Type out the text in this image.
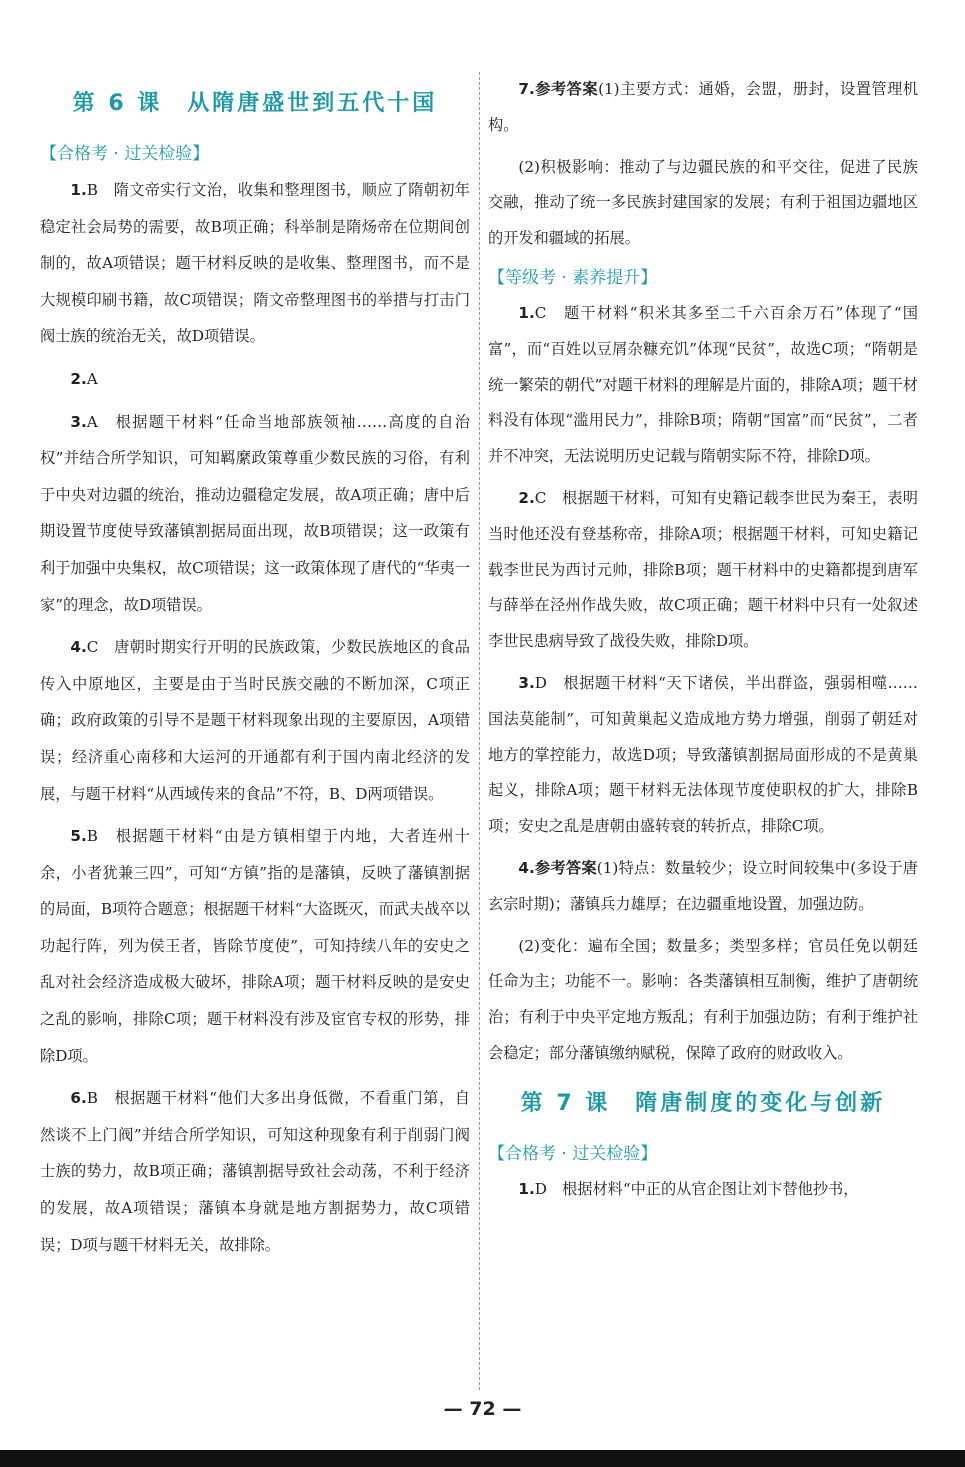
第 6 课　从隋唐盛世到五代十国
【合格考 · 过关检验】

1.B　隋文帝实行文治，收集和整理图书，顺应了隋朝初年稳定社会局势的需要，故B项正确；科举制是隋炀帝在位期间创制的，故A项错误；题干材料反映的是收集、整理图书，而不是大规模印刷书籍，故C项错误；隋文帝整理图书的举措与打击门阀士族的统治无关，故D项错误。

2.A

3.A　根据题干材料“任命当地部族领袖……高度的自治权”并结合所学知识，可知羁縻政策尊重少数民族的习俗，有利于中央对边疆的统治，推动边疆稳定发展，故A项正确；唐中后期设置节度使导致藩镇割据局面出现，故B项错误；这一政策有利于加强中央集权，故C项错误；这一政策体现了唐代的“华夷一家”的理念，故D项错误。

4.C　唐朝时期实行开明的民族政策，少数民族地区的食品传入中原地区，主要是由于当时民族交融的不断加深，C项正确；政府政策的引导不是题干材料现象出现的主要原因，A项错误；经济重心南移和大运河的开通都有利于国内南北经济的发展，与题干材料“从西域传来的食品”不符，B、D两项错误。

5.B　根据题干材料“由是方镇相望于内地，大者连州十余，小者犹兼三四”，可知“方镇”指的是藩镇，反映了藩镇割据的局面，B项符合题意；根据题干材料“大盗既灭，而武夫战卒以功起行阵，列为侯王者，皆除节度使”，可知持续八年的安史之乱对社会经济造成极大破坏，排除A项；题干材料反映的是安史之乱的影响，排除C项；题干材料没有涉及宦官专权的形势，排除D项。

6.B　根据题干材料“他们大多出身低微，不看重门第，自然谈不上门阀”并结合所学知识，可知这种现象有利于削弱门阀士族的势力，故B项正确；藩镇割据导致社会动荡，不利于经济的发展，故A项错误；藩镇本身就是地方割据势力，故C项错误；D项与题干材料无关，故排除。

7.参考答案(1)主要方式：通婚，会盟，册封，设置管理机构。

(2)积极影响：推动了与边疆民族的和平交往，促进了民族交融，推动了统一多民族封建国家的发展；有利于祖国边疆地区的开发和疆域的拓展。

【等级考 · 素养提升】

1.C　题干材料“积米其多至二千六百余万石”体现了“国富”，而“百姓以豆屑杂糠充饥”体现“民贫”，故选C项；“隋朝是统一繁荣的朝代”对题干材料的理解是片面的，排除A项；题干材料没有体现“滥用民力”，排除B项；隋朝“国富”而“民贫”，二者并不冲突，无法说明历史记载与隋朝实际不符，排除D项。

2.C　根据题干材料，可知有史籍记载李世民为秦王，表明当时他还没有登基称帝，排除A项；根据题干材料，可知史籍记载李世民为西讨元帅，排除B项；题干材料中的史籍都提到唐军与薛举在泾州作战失败，故C项正确；题干材料中只有一处叙述李世民患病导致了战役失败，排除D项。

3.D　根据题干材料“天下诸侯，半出群盗，强弱相噬……国法莫能制”，可知黄巢起义造成地方势力增强，削弱了朝廷对地方的掌控能力，故选D项；导致藩镇割据局面形成的不是黄巢起义，排除A项；题干材料无法体现节度使职权的扩大，排除B项；安史之乱是唐朝由盛转衰的转折点，排除C项。

4.参考答案(1)特点：数量较少；设立时间较集中(多设于唐玄宗时期)；藩镇兵力雄厚；在边疆重地设置，加强边防。

(2)变化：遍布全国；数量多；类型多样；官员任免以朝廷任命为主；功能不一。影响：各类藩镇相互制衡，维护了唐朝统治；有利于中央平定地方叛乱；有利于加强边防；有利于维护社会稳定；部分藩镇缴纳赋税，保障了政府的财政收入。

第 7 课　隋唐制度的变化与创新
【合格考 · 过关检验】

1.D　根据材料“中正的从官企图让刘卞替他抄书，

— 72 —
